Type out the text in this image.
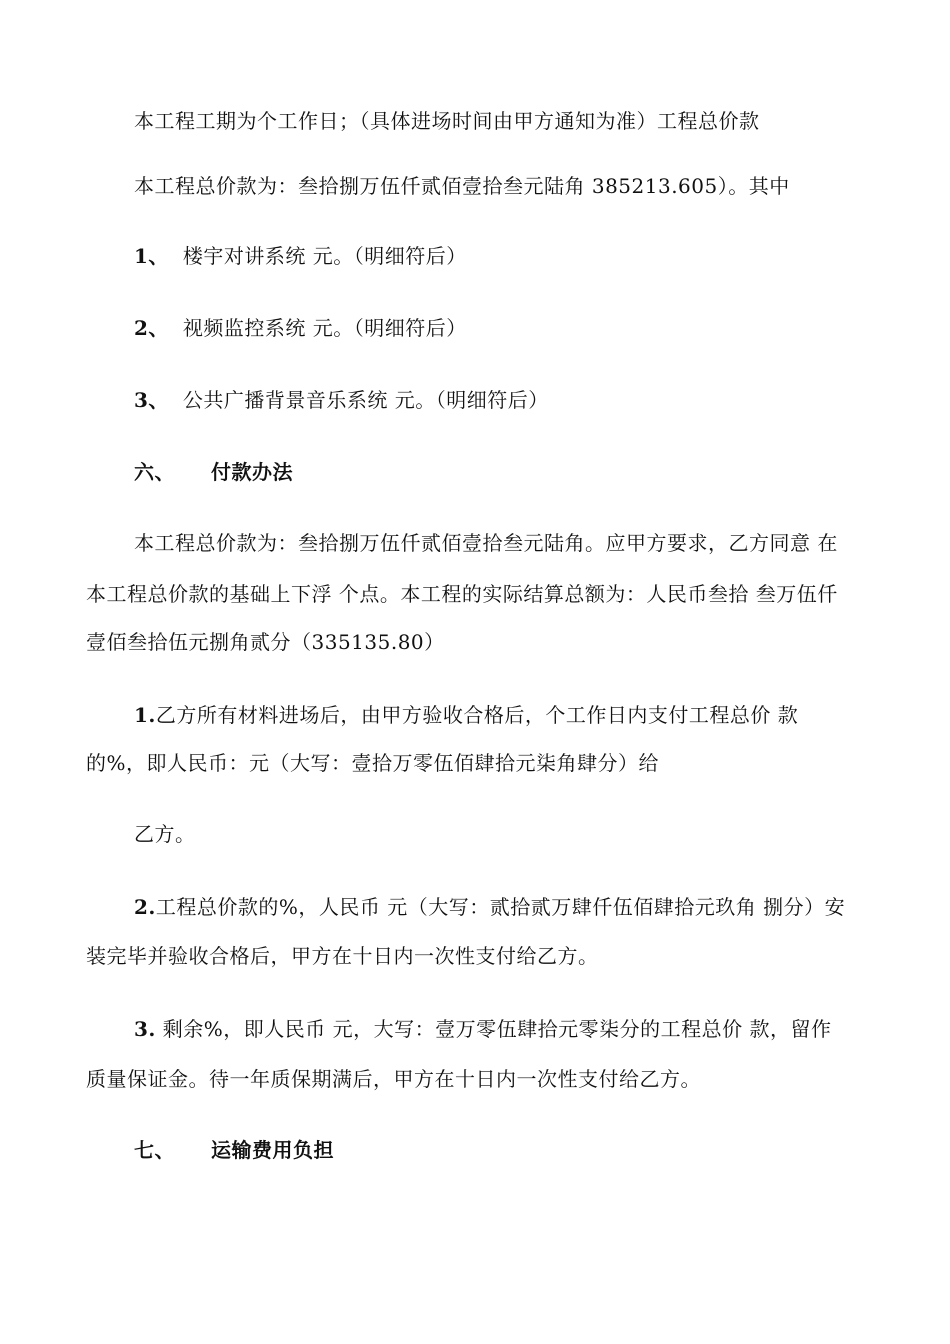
本工程工期为个工作日；（具体进场时间由甲方通知为准）工程总价款

本工程总价款为：叁拾捌万伍仟贰佰壹拾叁元陆角 385213.605）。其中

1、 楼宇对讲系统 元。（明细符后）

2、 视频监控系统 元。（明细符后）

3、 公共广播背景音乐系统 元。（明细符后）

六、 付款办法

本工程总价款为：叁拾捌万伍仟贰佰壹拾叁元陆角。应甲方要求，乙方同意 在

本工程总价款的基础上下浮 个点。本工程的实际结算总额为：人民币叁拾 叁万伍仟

壹佰叁拾伍元捌角贰分（335135.80）

1.乙方所有材料进场后，由甲方验收合格后，个工作日内支付工程总价 款

的%，即人民币：元（大写：壹拾万零伍佰肆拾元柒角肆分）给

乙方。

2.工程总价款的%，人民币 元（大写：贰拾贰万肆仟伍佰肆拾元玖角 捌分）安

装完毕并验收合格后，甲方在十日内一次性支付给乙方。

3. 剩余%，即人民币 元，大写：壹万零伍肆拾元零柒分的工程总价 款，留作

质量保证金。待一年质保期满后，甲方在十日内一次性支付给乙方。

七、 运输费用负担
